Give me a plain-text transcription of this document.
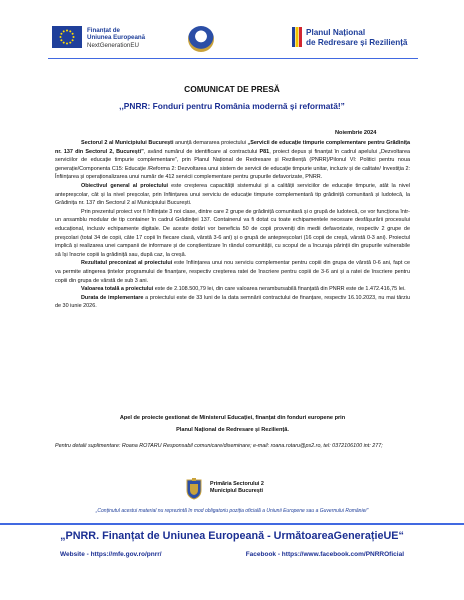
Finanțat de
Uniunea Europeană
NextGenerationEU
Planul Național
de Redresare și Reziliență
COMUNICAT DE PRESĂ
,,PNRR: Fonduri pentru România modernă și reformată!”
Noiembrie 2024

Sectorul 2 al Municipiului București anunță demararea proiectului „Servicii de educație timpurie complementare pentru Grădinița nr. 137 din Sectorul 2, București”, având numărul de identificare al contractului P81, proiect depus și finanțat în cadrul apelului „Dezvoltarea serviciilor de educație timpurie complementare”, prin Planul Național de Redresare și Reziliență (PNRR)/Pilonul VI: Politici pentru noua generație/Componenta C15: Educație /Reforma 2: Dezvoltarea unui sistem de servicii de educație timpurie unitar, incluziv și de calitate/ Investiția 2: Înființarea și operaționalizarea unui număr de 412 servicii complementare pentru grupurile defavorizate, PNRR.

Obiectivul general al proiectului este creșterea capacității sistemului și a calității serviciilor de educație timpurie, atât la nivel antepreșcolar, cât și la nivel preșcolar, prin înființarea unui serviciu de educație timpurie complementară tip grădiniță comunitară și ludotecă, la Grădinița nr. 137 din Sectorul 2 al Municipiului București.

Prin prezentul proiect vor fi înființate 3 noi clase, dintre care 2 grupe de grădiniță comunitară și o grupă de ludotecă, ce vor funcționa într-un ansamblu modular de tip container în cadrul Grădiniței 137. Containerul va fi dotat cu toate echipamentele necesare desfășurării procesului educațional, inclusiv echipamente digitale. De aceste dotări vor beneficia 50 de copii proveniți din medii defavorizate, respectiv 2 grupe de preșcolari (total 34 de copii, câte 17 copii în fiecare clasă, vârstă 3-6 ani) și o grupă de antepreșcolari (16 copii de creșă, vârstă 0-3 ani). Proiectul implică și realizarea unei campanii de informare și de conștientizare în rândul comunității, cu scopul de a încuraja părinții din grupurile vulnerabile să își înscrie copiii la grădiniță sau, după caz, la creșă.

Rezultatul preconizat al proiectului este înființarea unui nou serviciu complementar pentru copiii din grupa de vârstă 0-6 ani, fapt ce va permite atingerea țintelor programului de finanțare, respectiv creșterea ratei de înscriere pentru copiii de 3-6 ani și a ratei de înscriere pentru copiii din grupa de vârstă de sub 3 ani.

Valoarea totală a proiectului este de 2.108.500,79 lei, din care valoarea nerambursabilă finanțată din PNRR este de 1.472.416,75 lei.

Durata de implementare a proiectului este de 33 luni de la data semnării contractului de finanțare, respectiv 16.10.2023, nu mai târziu de 30 iunie 2026.

Apel de proiecte gestionat de Ministerul Educației, finanțat din fonduri europene prin
Planul Național de Redresare și Reziliență.
Pentru detalii suplimentare: Roana ROTARU Responsabil comunicare/diseminare; e-mail: roana.rotaru@ps2.ro, tel: 0372106100 int: 277;
Primăria Sectorului 2
Municipiul București
„Conținutul acestui material nu reprezintă în mod obligatoriu poziția oficială a Uniunii Europene sau a Guvernului României"
„PNRR. Finanțat de Uniunea Europeană - UrmătoareaGenerațieUE“
Website - https://mfe.gov.ro/pnrr/	Facebook - https://www.facebook.com/PNRROficial
